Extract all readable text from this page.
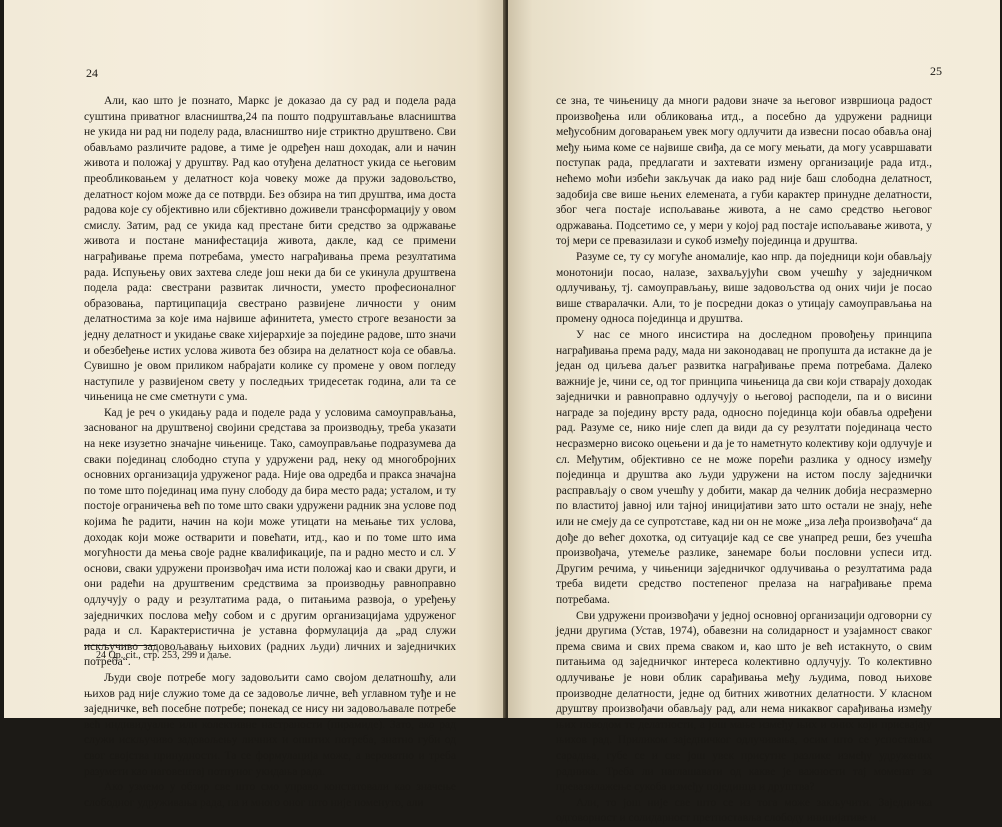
24

Али, као што је познато, Маркс је доказао да су рад и подела рада суштина приватног власништва,24 па пошто подруштављање власништва не укида ни рад ни поделу рада, власништво није стриктно друштвено. Сви обављамо различите радове, а тиме је одређен наш доходак, али и начин живота и положај у друштву. Рад као отуђена делатност укида се његовим преобликовањем у делатност која човеку може да пружи задовољство, делатност којом може да се потврди. Без обзира на тип друштва, има доста радова које су објективно или сбјективно доживели трансформацију у овом смислу. Затим, рад се укида кад престане бити средство за одржавање живота и постане манифестација живота, дакле, кад се примени награђивање према потребама, уместо награђивања према резултатима рада. Испуњењу ових захтева следе још неки да би се укинула друштвена подела рада: свестрани развитак личности, уместо професионалног образовања, партиципација свестрано развијене личности у оним делатностима за које има највише афинитета, уместо строге везаности за једну делатност и укидање сваке хијерархије за поједине радове, што значи и обезбеђење истих услова живота без обзира на делатност која се обавља. Сувишно је овом приликом набрајати колике су промене у овом погледу наступиле у развијеном свету у последњих тридесетак година, али та се чињеница не сме сметнути с ума.

Кад је реч о укидању рада и поделе рада у условима самоуправљања, заснованог на друштвеној својини средстава за производњу, треба указати на неке изузетно значајне чињенице. Тако, самоуправљање подразумева да сваки појединац слободно ступа у удружени рад, неку од многобројних основних организација удруженог рада. Није ова одредба и пракса значајна по томе што појединац има пуну слободу да бира место рада; усталом, и ту постоје ограничења већ по томе што сваки удружени радник зна услове под којима ће радити, начин на који може утицати на мењање тих услова, доходак који може остварити и повећати, итд., као и по томе што има могућности да мења своје радне квалификације, па и радно место и сл. У основи, сваки удружени произвођач има исти положај као и сваки други, и они радећи на друштвеним средствима за производњу равноправно одлучују о раду и резултатима рада, о питањима развоја, о уређењу заједничких послова међу собом и с другим организацијама удруженог рада и сл. Карактеристична је уставна формулација да „рад служи искључиво задовољавању њихових (радних људи) личних и заједничких потреба“.

Људи своје потребе могу задовољити само својом делатношћу, али њихов рад није служио томе да се задовоље личне, већ углавном туђе и не заједничке, већ посебне потребе; понекад се нису ни задовољавале потребе већ индивидуалне или колективне настраности (пирамиде). Зато, ако рад служи искључиво задовољењу личних и општих потреба, знатно губи од свог својства принудности. Та се формулација може, а вероватно и треба разумети као наговештај потпуног укидања рада.

Ако узмемо у обзир све што смо управо констатовали као значење слободног удруживања рада, па и много оног што није поменуто, али

24 Op. cit., стр. 253, 299 и даље.
25

се зна, те чињеницу да многи радови значе за његовог извршиоца радост произвођења или обликовања итд., а посебно да удружени радници међусобним договарањем увек могу одлучити да извесни посао обавља онај међу њима коме се највише свиђа, да се могу мењати, да могу усавршавати поступак рада, предлагати и захтевати измену организације рада итд., нећемо моћи избећи закључак да иако рад није баш слободна делатност, задобија све више њених елемената, а губи карактер принудне делатности, због чега постаје испољавање живота, а не само средство његовог одржавања. Подсетимо се, у мери у којој рад постаје испољавање живота, у тој мери се превазилази и сукоб између појединца и друштва.

Разуме се, ту су могуће аномалије, као нпр. да поједници који обављају монотонији посао, налазе, захваљујући свом учешћу у заједничком одлучивању, тј. самоуправљању, више задовољства од оних чији је посао више стваралачки. Али, то је посредни доказ о утицају самоуправљања на промену односа појединца и друштва.

У нас се много инсистира на доследном провођењу принципа награђивања према раду, мада ни законодавац не пропушта да истакне да је један од циљева даљег развитка награђивање према потребама. Далеко важније је, чини се, од тог принципа чињеница да сви који стварају доходак заједнички и равноправно одлучују о његовој расподели, па и о висини награде за поједину врсту рада, односно појединца који обавља одређени рад. Разуме се, нико није слеп да види да су резултати појединаца често несразмерно високо оцењени и да је то наметнуто колективу који одлучује и сл. Међутим, објективно се не може порећи разлика у односу између појединца и друштва ако људи удружени на истом послу заједнички расправљају о свом учешћу у добити, макар да челник добија несразмерно по властитој јавној или тајној иницијативи зато што остали не знају, неће или не смеју да се супротставе, кад ни он не може „иза леђа произвођача“ да дође до већег дохотка, од ситуације кад се све унапред реши, без учешћа произвођача, утемеље разлике, занемаре бољи пословни успеси итд. Другим речима, у чињеници заједничког одлучивања о резултатима рада треба видети средство постепеног прелаза на награђивање према потребама.

Сви удружени произвођачи у једној основној организацији одговорни су једни другима (Устав, 1974), обавезни на солидарност и узајамност сваког према свима и свих према сваком и, као што је већ истакнуто, о свим питањима од заједничког интереса колективно одлучују. То колективно одлучивање је нови облик сарађивања међу људима, повод њихове производне делатности, једне од битних животних делатности. У класном друштву произвођачи обављају рад, али нема никаквог сарађивања између њих поводом те делатности, а још мање између њих и оних који присвајају њихов рад. Приликом заједничког одлучивања, осим што се успоставља сарадња, губе се и све још увек присутне разлике између удружених радника. Треба ли наглашавати од какве је важности тај моменат за превазилажење сукоба између појединца и друштва?

Али, то још није све што се из тога може закључити. Заједничка одговорност и солидарност претпоставља слободу иницијативе и
